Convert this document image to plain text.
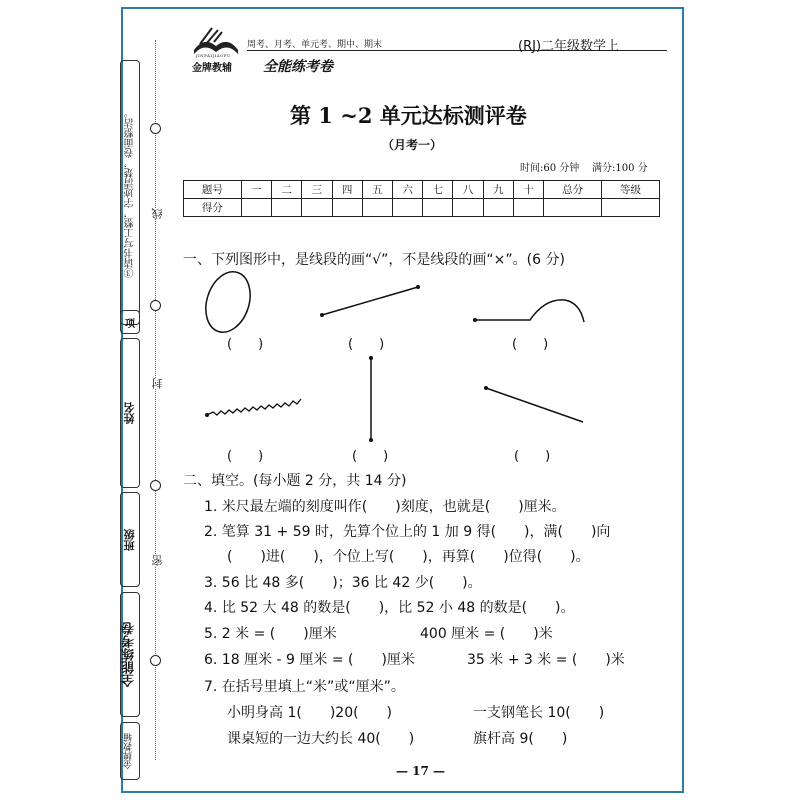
③请书写工整，字迹清楚，卷面整洁。
项
姓名
班级
全能练考卷
金牌教辅
线
封
密
JINPAIJIAOFU
金牌教辅
周考、月考、单元考、期中、期末
全能练考卷
(RJ)二年级数学上
第 1 ~2 单元达标测评卷
（月考一）
时间:60 分钟    满分:100 分
题号	一	二	三	四	五	六	七	八	九	十	总分	等级
得分												
一、下列图形中，是线段的画“√”，不是线段的画“×”。(6 分)
(　　)	(　　)	(　　)
(　　)	(　　)	(　　)
二、填空。(每小题 2 分，共 14 分)
1. 米尺最左端的刻度叫作(　　)刻度，也就是(　　)厘米。
2. 笔算 31 + 59 时，先算个位上的 1 加 9 得(　　)，满(　　)向
(　　)进(　　)，个位上写(　　)，再算(　　)位得(　　)。
3. 56 比 48 多(　　)；36 比 42 少(　　)。
4. 比 52 大 48 的数是(　　)，比 52 小 48 的数是(　　)。
5. 2 米 = (　　)厘米	400 厘米 = (　　)米
6. 18 厘米 - 9 厘米 = (　　)厘米	35 米 + 3 米 = (　　)米
7. 在括号里填上“米”或“厘米”。
小明身高 1(　　)20(　　)	一支钢笔长 10(　　)
课桌短的一边大约长 40(　　)	旗杆高 9(　　)
— 17 —
